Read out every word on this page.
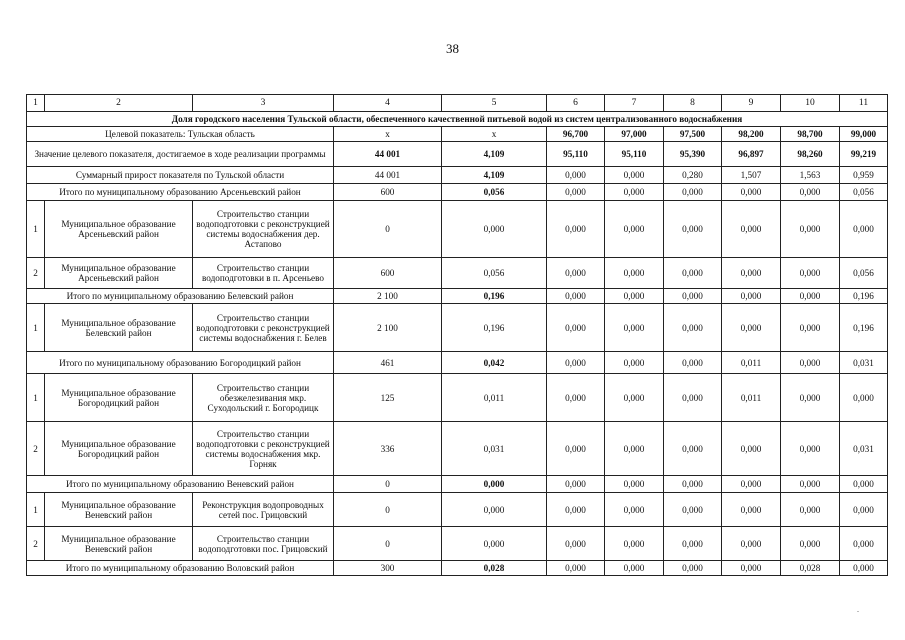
38
1	2	3	4	5	6	7	8	9	10	11
Доля городского населения Тульской области, обеспеченного качественной питьевой водой из систем централизованного водоснабжения										
Целевой показатель: Тульская область			х	х	96,700	97,000	97,500	98,200	98,700	99,000
Значение целевого показателя, достигаемое в ходе реализации программы			44 001	4,109	95,110	95,110	95,390	96,897	98,260	99,219
Суммарный прирост показателя по Тульской области			44 001	4,109	0,000	0,000	0,280	1,507	1,563	0,959
Итого по муниципальному образованию Арсеньевский район			600	0,056	0,000	0,000	0,000	0,000	0,000	0,056
1	Муниципальное образование Арсеньевский район	Строительство станции водоподготовки с реконструкцией системы водоснабжения дер. Астапово	0	0,000	0,000	0,000	0,000	0,000	0,000	0,000
2	Муниципальное образование Арсеньевский район	Строительство станции водоподготовки в п. Арсеньево	600	0,056	0,000	0,000	0,000	0,000	0,000	0,056
Итого по муниципальному образованию Белевский район			2 100	0,196	0,000	0,000	0,000	0,000	0,000	0,196
1	Муниципальное образование Белевский район	Строительство станции водоподготовки с реконструкцией системы водоснабжения г. Белев	2 100	0,196	0,000	0,000	0,000	0,000	0,000	0,196
Итого по муниципальному образованию Богородицкий район			461	0,042	0,000	0,000	0,000	0,011	0,000	0,031
1	Муниципальное образование Богородицкий район	Строительство станции обезжелезивания мкр. Суходольский г. Богородицк	125	0,011	0,000	0,000	0,000	0,011	0,000	0,000
2	Муниципальное образование Богородицкий район	Строительство станции водоподготовки с реконструкцией системы водоснабжения мкр. Горняк	336	0,031	0,000	0,000	0,000	0,000	0,000	0,031
Итого по муниципальному образованию Веневский район			0	0,000	0,000	0,000	0,000	0,000	0,000	0,000
1	Муниципальное образование Веневский район	Реконструкция водопроводных сетей пос. Грицовский	0	0,000	0,000	0,000	0,000	0,000	0,000	0,000
2	Муниципальное образование Веневский район	Строительство станции водоподготовки пос. Грицовский	0	0,000	0,000	0,000	0,000	0,000	0,000	0,000
Итого по муниципальному образованию Воловский район			300	0,028	0,000	0,000	0,000	0,000	0,028	0,000
.
